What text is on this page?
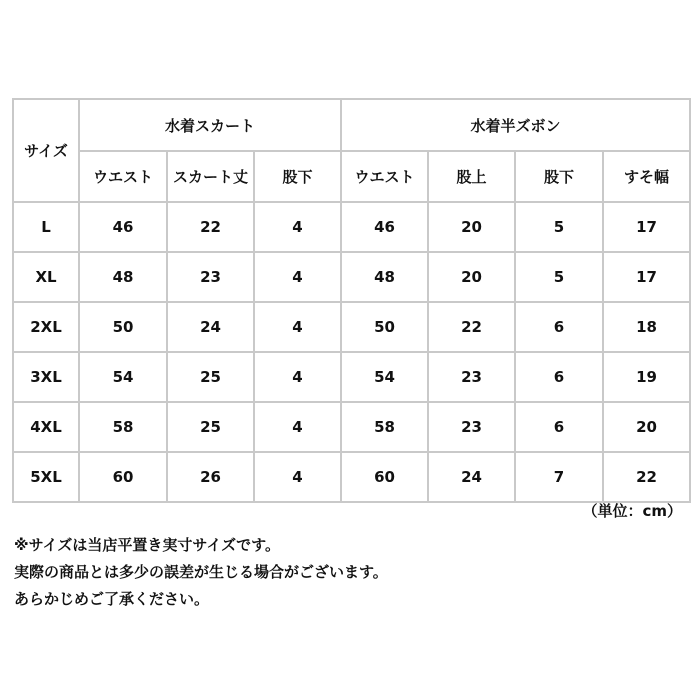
サイズ	水着スカート			水着半ズボン			
	ウエスト	スカート丈	股下	ウエスト	股上	股下	すそ幅
L	46	22	4	46	20	5	17
XL	48	23	4	48	20	5	17
2XL	50	24	4	50	22	6	18
3XL	54	25	4	54	23	6	19
4XL	58	25	4	58	23	6	20
5XL	60	26	4	60	24	7	22
（単位：cm）
※サイズは当店平置き実寸サイズです。
実際の商品とは多少の誤差が生じる場合がございます。
あらかじめご了承ください。
